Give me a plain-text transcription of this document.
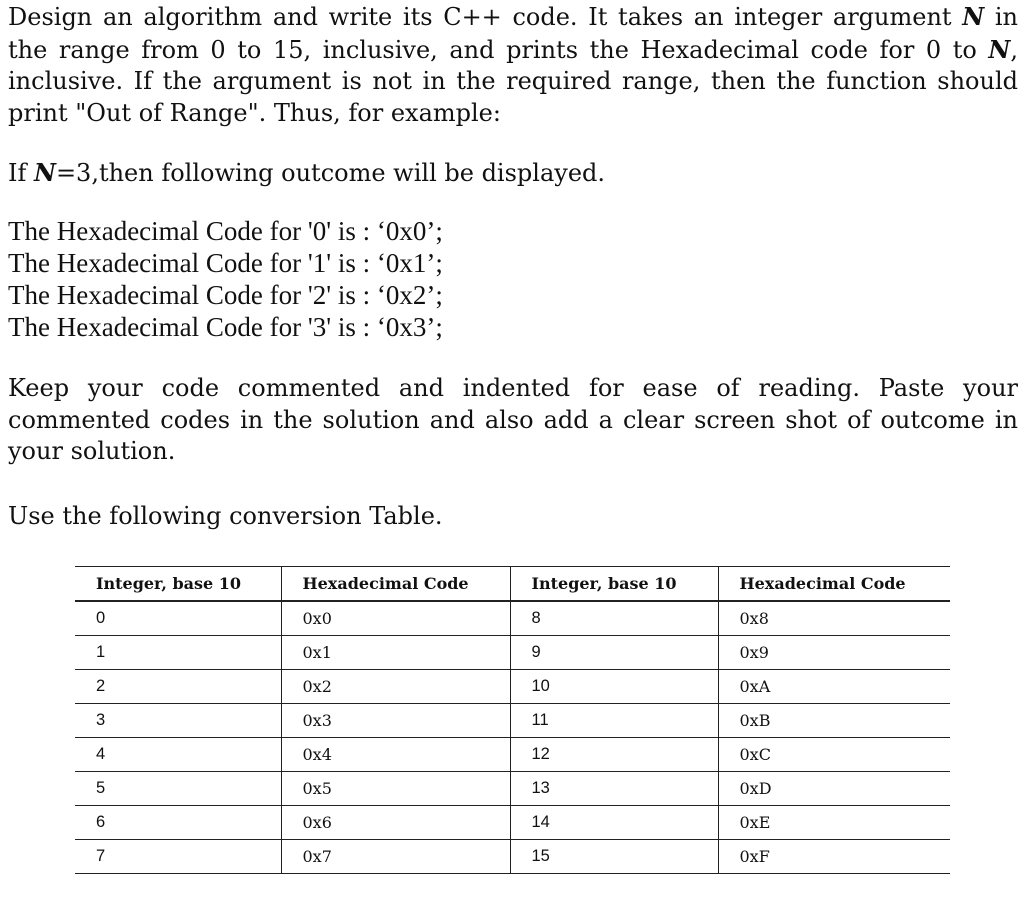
Design an algorithm and write its C++ code. It takes an integer argument N in the range from 0 to 15, inclusive, and prints the Hexadecimal code for 0 to N, inclusive. If the argument is not in the required range, then the function should print "Out of Range". Thus, for example:

If N=3,then following outcome will be displayed.

The Hexadecimal Code for '0' is : ‘0x0’;
The Hexadecimal Code for '1' is : ‘0x1’;
The Hexadecimal Code for '2' is : ‘0x2’;
The Hexadecimal Code for '3' is : ‘0x3’;

Keep your code commented and indented for ease of reading. Paste your commented codes in the solution and also add a clear screen shot of outcome in your solution.

Use the following conversion Table.

Integer, base 10	Hexadecimal Code	Integer, base 10	Hexadecimal Code
0	0x0	8	0x8
1	0x1	9	0x9
2	0x2	10	0xA
3	0x3	11	0xB
4	0x4	12	0xC
5	0x5	13	0xD
6	0x6	14	0xE
7	0x7	15	0xF
